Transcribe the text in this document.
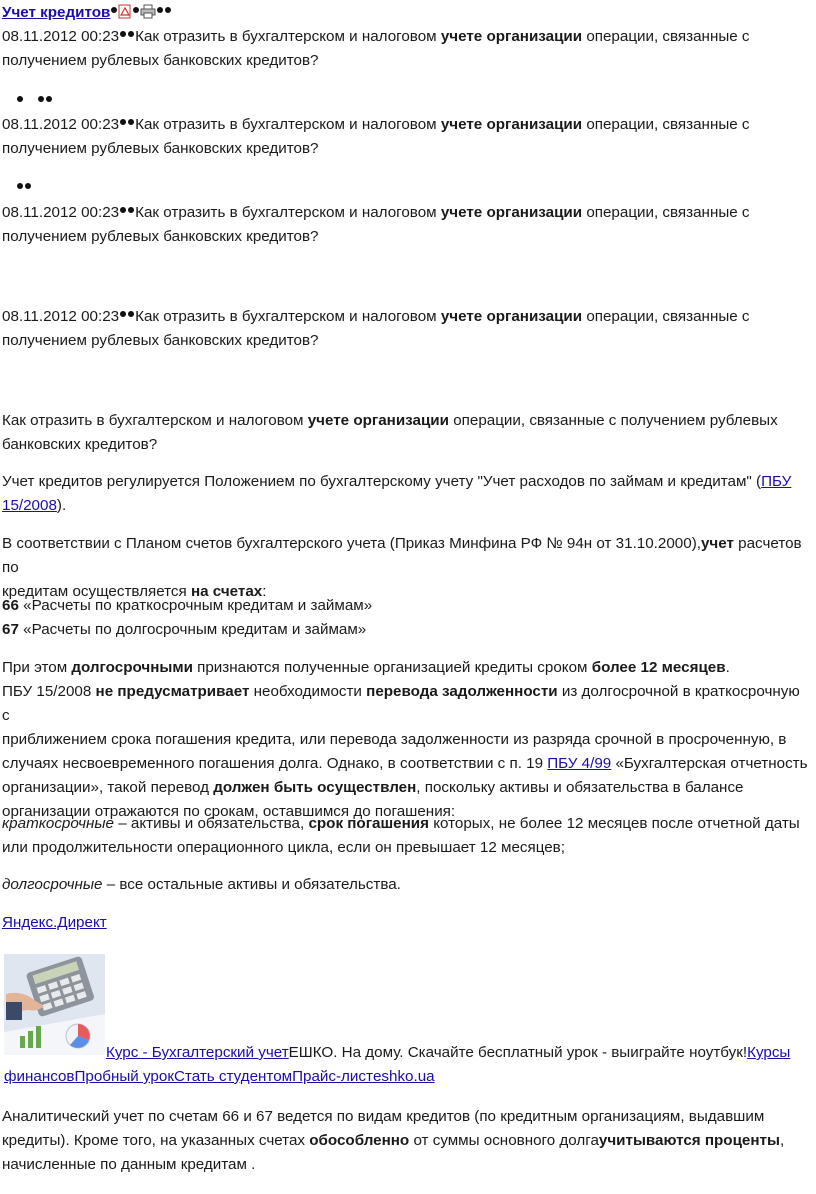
Учет кредитов
08.11.2012 00:23 Как отразить в бухгалтерском и налоговом учете организации операции, связанные с
получением рублевых банковских кредитов?

08.11.2012 00:23 Как отразить в бухгалтерском и налоговом учете организации операции, связанные с
получением рублевых банковских кредитов?
08.11.2012 00:23 Как отразить в бухгалтерском и налоговом учете организации операции, связанные с
получением рублевых банковских кредитов?
08.11.2012 00:23 Как отразить в бухгалтерском и налоговом учете организации операции, связанные с
получением рублевых банковских кредитов?
Как отразить в бухгалтерском и налоговом учете организации операции, связанные с получением рублевых
банковских кредитов?
Учет кредитов регулируется Положением по бухгалтерскому учету "Учет расходов по займам и кредитам" (ПБУ
15/2008).
В соответствии с Планом счетов бухгалтерского учета (Приказ Минфина РФ № 94н от 31.10.2000),учет расчетов по
кредитам осуществляется на счетах:
66 «Расчеты по краткосрочным кредитам и займам»
67 «Расчеты по долгосрочным кредитам и займам»
При этом долгосрочными признаются полученные организацией кредиты сроком более 12 месяцев.
ПБУ 15/2008 не предусматривает необходимости перевода задолженности из долгосрочной в краткосрочную с
приближением срока погашения кредита, или перевода задолженности из разряда срочной в просроченную, в
случаях несвоевременного погашения долга. Однако, в соответствии с п. 19 ПБУ 4/99 «Бухгалтерская отчетность
организации», такой перевод должен быть осуществлен, поскольку активы и обязательства в балансе
организации отражаются по срокам, оставшимся до погашения:
краткосрочные – активы и обязательства, срок погашения которых, не более 12 месяцев после отчетной даты
или продолжительности операционного цикла, если он превышает 12 месяцев;
долгосрочные – все остальные активы и обязательства.
Яндекс.Директ
Курс - Бухгалтерский учетЕШКО. На дому. Скачайте бесплатный урок - выиграйте ноутбук!Курсы
финансовПробный урокСтать студентомПрайс-листeshko.ua
Аналитический учет по счетам 66 и 67 ведется по видам кредитов (по кредитным организациям, выдавшим
кредиты). Кроме того, на указанных счетах обособленно от суммы основного долгаучитываются проценты,
начисленные по данным кредитам .
